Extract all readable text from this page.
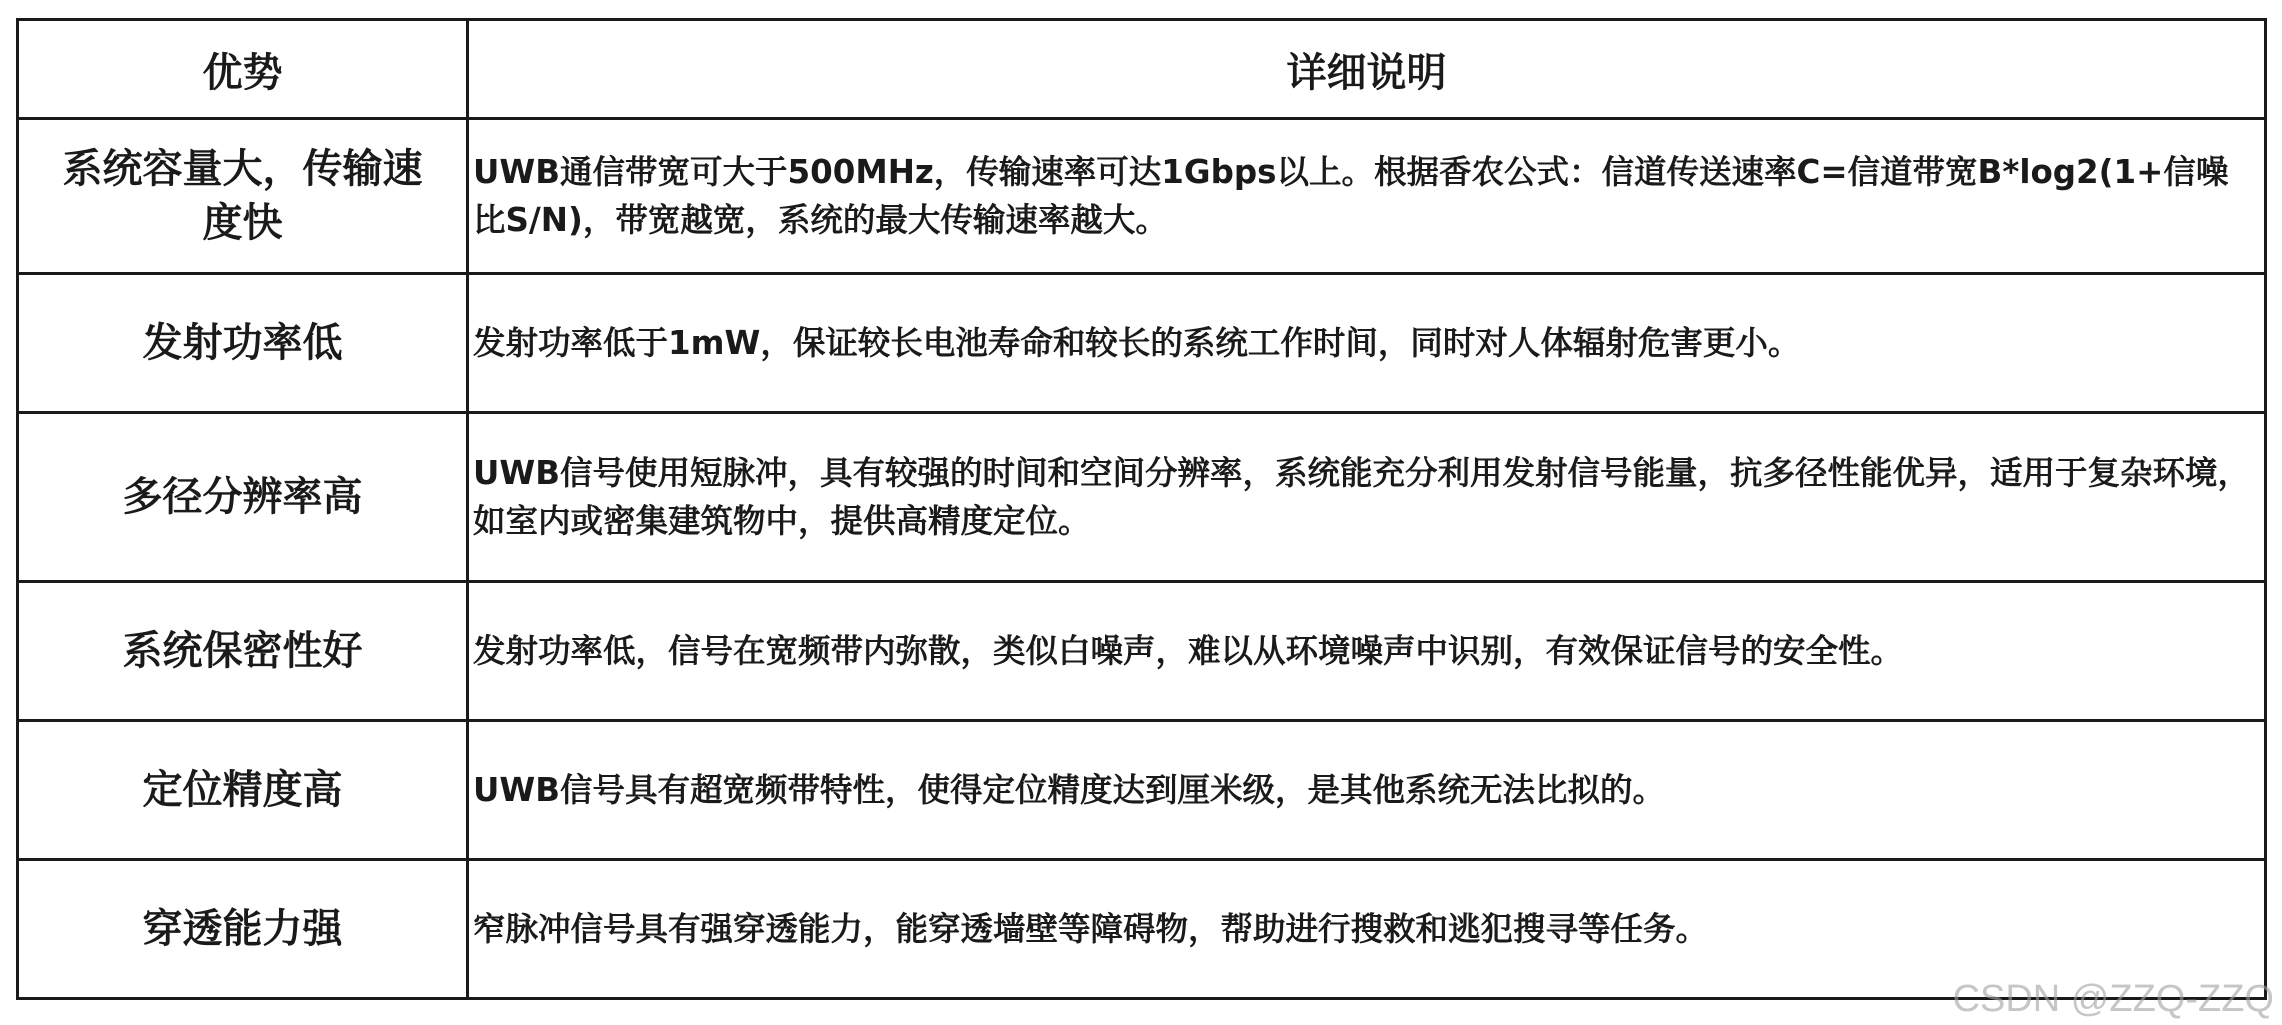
优势	详细说明
系统容量大，传输速度快	UWB通信带宽可大于500MHz，传输速率可达1Gbps以上。根据香农公式：信道传送速率C=信道带宽B*log2(1+信噪比S/N)，带宽越宽，系统的最大传输速率越大。
发射功率低	发射功率低于1mW，保证较长电池寿命和较长的系统工作时间，同时对人体辐射危害更小。
多径分辨率高	UWB信号使用短脉冲，具有较强的时间和空间分辨率，系统能充分利用发射信号能量，抗多径性能优异，适用于复杂环境，如室内或密集建筑物中，提供高精度定位。
系统保密性好	发射功率低，信号在宽频带内弥散，类似白噪声，难以从环境噪声中识别，有效保证信号的安全性。
定位精度高	UWB信号具有超宽频带特性，使得定位精度达到厘米级，是其他系统无法比拟的。
穿透能力强	窄脉冲信号具有强穿透能力，能穿透墙壁等障碍物，帮助进行搜救和逃犯搜寻等任务。
CSDN @ZZQ-ZZQ
